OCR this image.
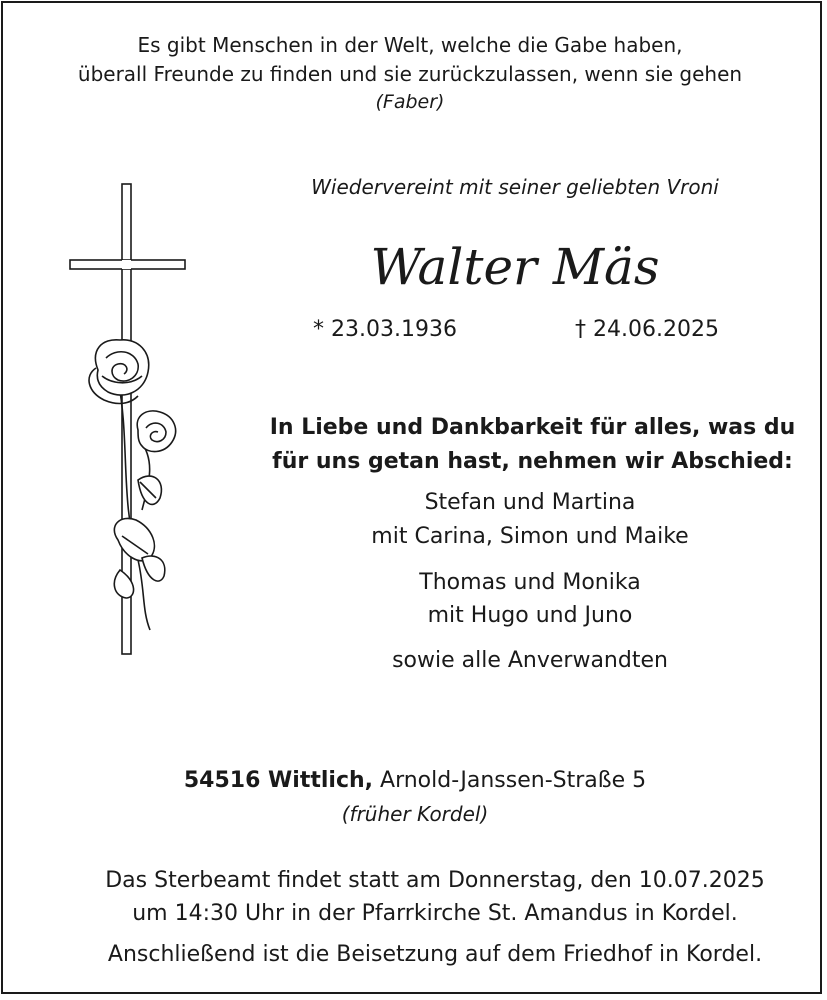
Es gibt Menschen in der Welt, welche die Gabe haben,
überall Freunde zu finden und sie zurückzulassen, wenn sie gehen
(Faber)
Wiedervereint mit seiner geliebten Vroni
Walter Mäs
* 23.03.1936	† 24.06.2025
In Liebe und Dankbarkeit für alles, was du
für uns getan hast, nehmen wir Abschied:
Stefan und Martina
mit Carina, Simon und Maike
Thomas und Monika
mit Hugo und Juno
sowie alle Anverwandten
54516 Wittlich, Arnold-Janssen-Straße 5
(früher Kordel)
Das Sterbeamt findet statt am Donnerstag, den 10.07.2025
um 14:30 Uhr in der Pfarrkirche St. Amandus in Kordel.
Anschließend ist die Beisetzung auf dem Friedhof in Kordel.
